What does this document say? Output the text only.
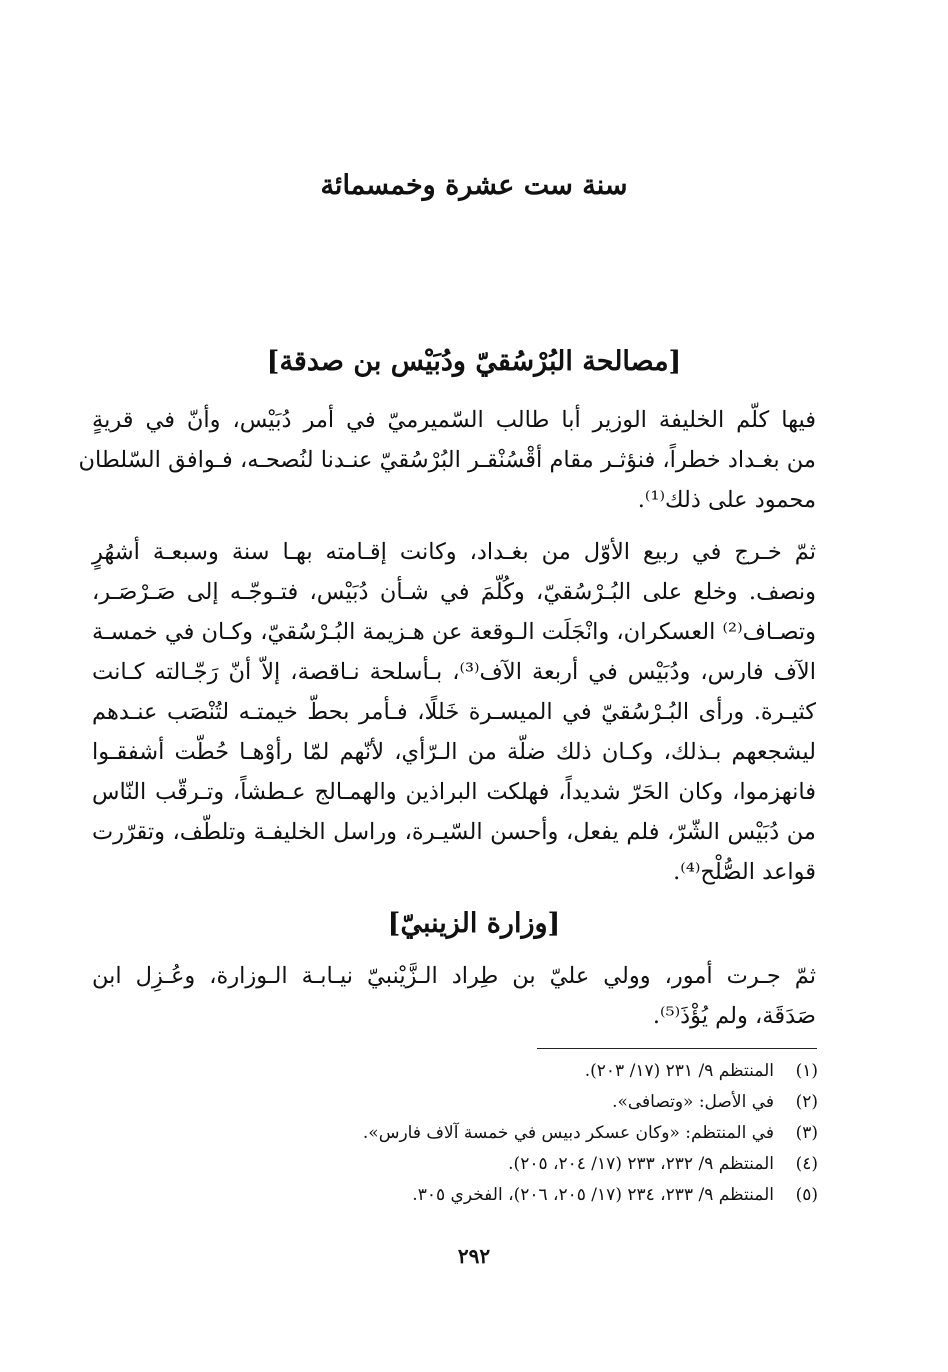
سنة ست عشرة وخمسمائة
[مصالحة البُرْسُقيّ ودُبَيْس بن صدقة]

فيها كلّم الخليفة الوزير أبا طالب السّميرميّ في أمر دُبَيْس، وأنّ في قريةٍ
من بغـداد خطراً، فنؤثـر مقام أقْسُنْقـر البُرْسُقيّ عنـدنا لنُصحـه، فـوافق السّلطان
محمود على ذلك⁽¹⁾.

ثمّ خـرج في ربيع الأوّل من بغـداد، وكانت إقـامته بهـا سنة وسبعـة أشهُرٍ
ونصف. وخلع على البُـرْسُقيّ، وكُلّمَ في شـأن دُبَيْس، فتـوجّـه إلى صَـرْصَـر،
وتصـاف⁽²⁾ العسكران، وانْجَلَت الـوقعة عن هـزيمة البُـرْسُقيّ، وكـان في خمسـة
الآف فارس، ودُبَيْس في أربعة الآف⁽³⁾، بـأسلحة نـاقصة، إلاّ أنّ رَجّـالته كـانت
كثيـرة. ورأى البُـرْسُقيّ في الميسـرة خَللًا، فـأمر بحطّ خيمتـه لتُنْصَب عنـدهم
ليشجعهم بـذلك، وكـان ذلك ضلّة من الـرّأي، لأنّهم لمّا رأوْهـا حُطّت أشفقـوا
فانهزموا، وكان الحَرّ شديداً، فهلكت البراذين والهمـالج عـطشاً، وتـرقّب النّاس
من دُبَيْس الشّرّ، فلم يفعل، وأحسن السّيـرة، وراسل الخليفـة وتلطّف، وتقرّرت
قواعد الصُّلْح⁽⁴⁾.

[وزارة الزينبيّ]

ثمّ جـرت أمور، وولي عليّ بن طِراد الـزَّيْنبيّ نيـابـة الـوزارة، وعُـزِل ابن
صَدَقَة، ولم يُؤْذَ⁽⁵⁾.

(١)
المنتظم ٩/ ٢٣١ (١٧/ ٢٠٣).
(٢)
في الأصل: «وتصافى».
(٣)
في المنتظم: «وكان عسكر دبيس في خمسة آلاف فارس».
(٤)
المنتظم ٩/ ٢٣٢، ٢٣٣ (١٧/ ٢٠٤، ٢٠٥).
(٥)
المنتظم ٩/ ٢٣٣، ٢٣٤ (١٧/ ٢٠٥، ٢٠٦)، الفخري ٣٠٥.
٢٩٢
